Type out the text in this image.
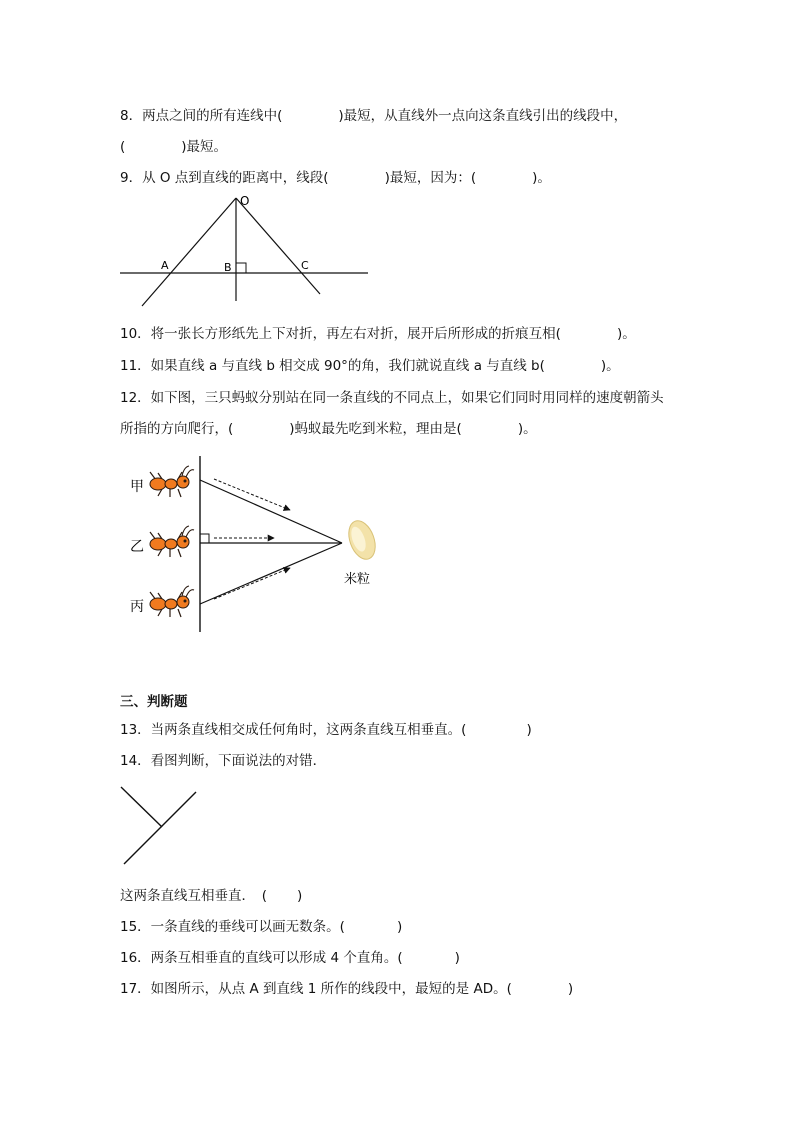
8．两点之间的所有连线中(	)最短，从直线外一点向这条直线引出的线段中，
(	)最短。
9．从 O 点到直线的距离中，线段(	)最短，因为：(	)。
O
A	B	C
10．将一张长方形纸先上下对折，再左右对折，展开后所形成的折痕互相(	)。
11．如果直线 a 与直线 b 相交成 90°的角，我们就说直线 a 与直线 b(	)。
12．如下图，三只蚂蚁分别站在同一条直线的不同点上，如果它们同时用同样的速度朝箭头
所指的方向爬行，(	)蚂蚁最先吃到米粒，理由是(	)。
甲
乙
丙
米粒
三、判断题
13．当两条直线相交成任何角时，这两条直线互相垂直。(	)
14．看图判断，下面说法的对错．
这两条直线互相垂直．　( )
15．一条直线的垂线可以画无数条。(	)
16．两条互相垂直的直线可以形成 4 个直角。(	)
17．如图所示，从点 A 到直线 1 所作的线段中，最短的是 AD。(	)
